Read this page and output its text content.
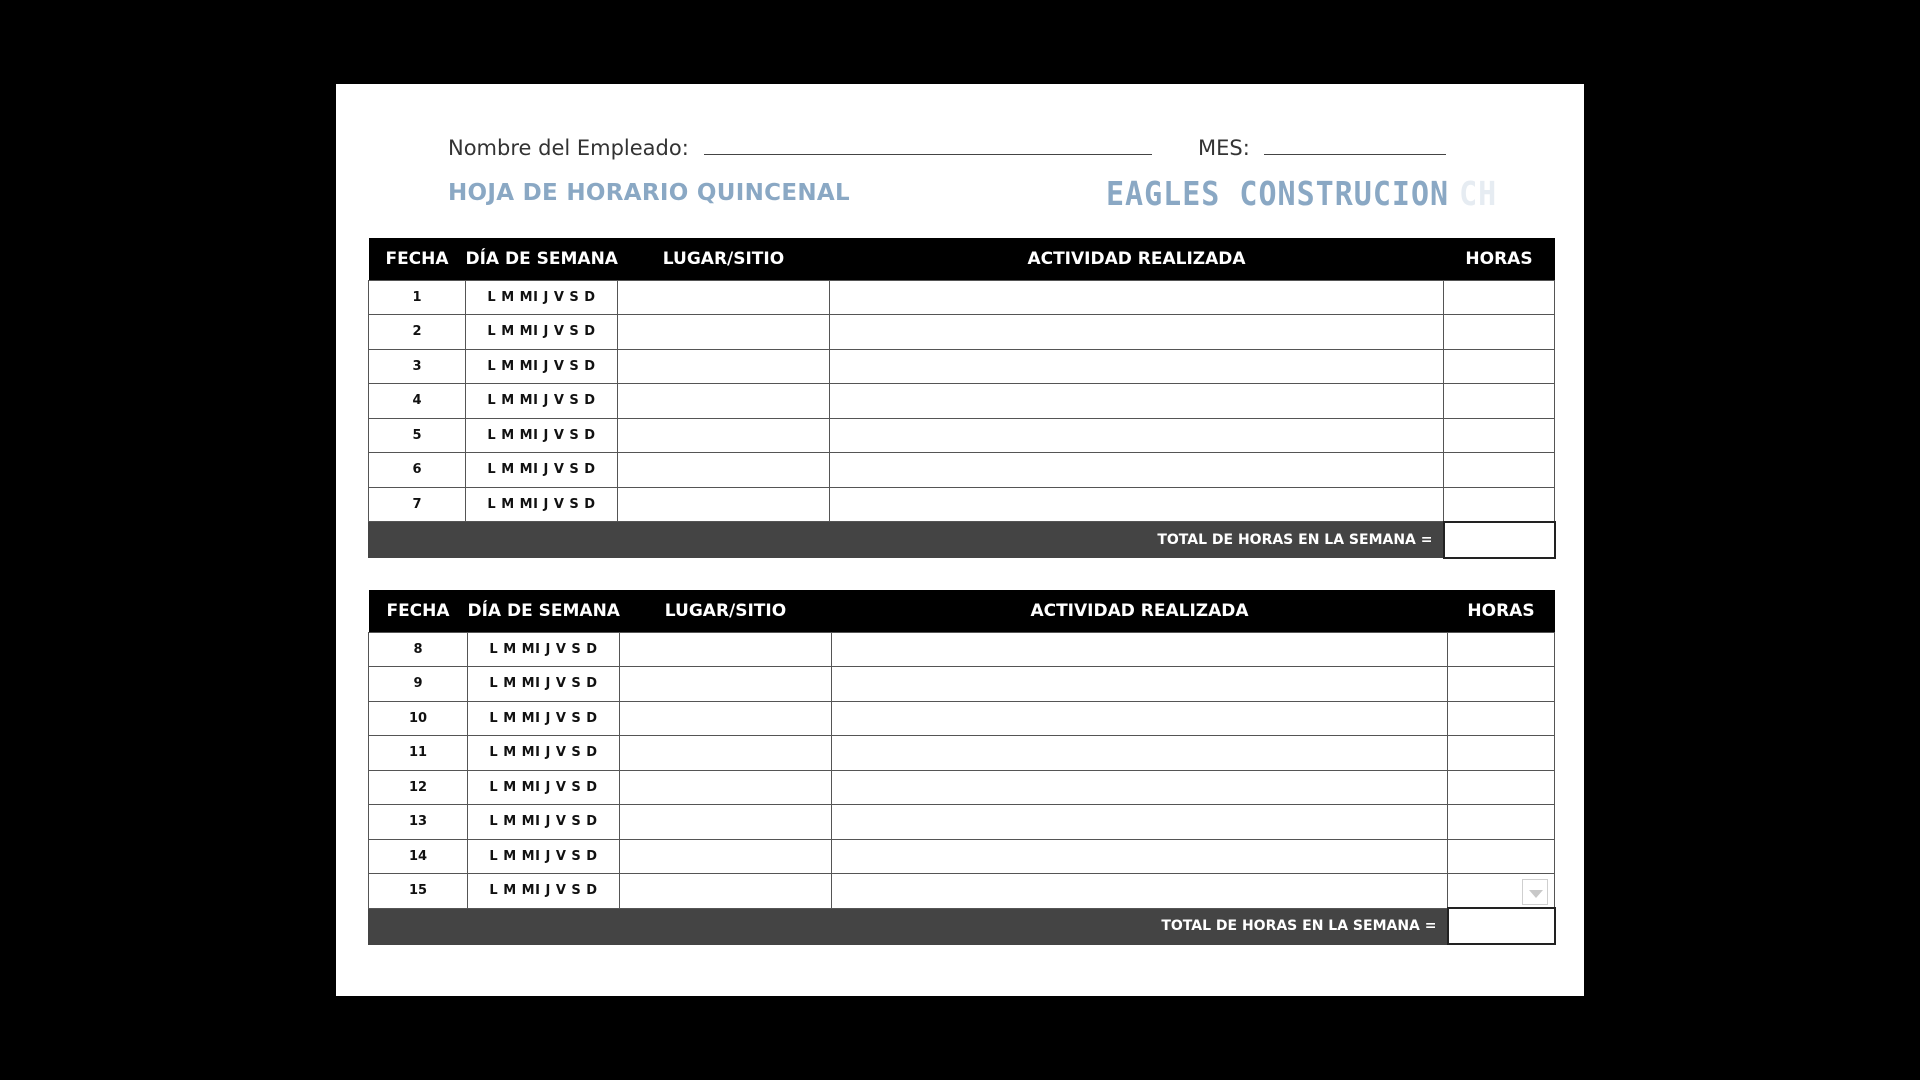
Nombre del Empleado:	MES:
HOJA DE HORARIO QUINCENAL	EAGLES CONSTRUCION CH
FECHA	DÍA DE SEMANA	LUGAR/SITIO	ACTIVIDAD REALIZADA	HORAS
1	L M MI J V S D			
2	L M MI J V S D			
3	L M MI J V S D			
4	L M MI J V S D			
5	L M MI J V S D			
6	L M MI J V S D			
7	L M MI J V S D			
TOTAL DE HORAS EN LA SEMANA =				
FECHA	DÍA DE SEMANA	LUGAR/SITIO	ACTIVIDAD REALIZADA	HORAS
8	L M MI J V S D			
9	L M MI J V S D			
10	L M MI J V S D			
11	L M MI J V S D			
12	L M MI J V S D			
13	L M MI J V S D			
14	L M MI J V S D			
15	L M MI J V S D			
TOTAL DE HORAS EN LA SEMANA =				
